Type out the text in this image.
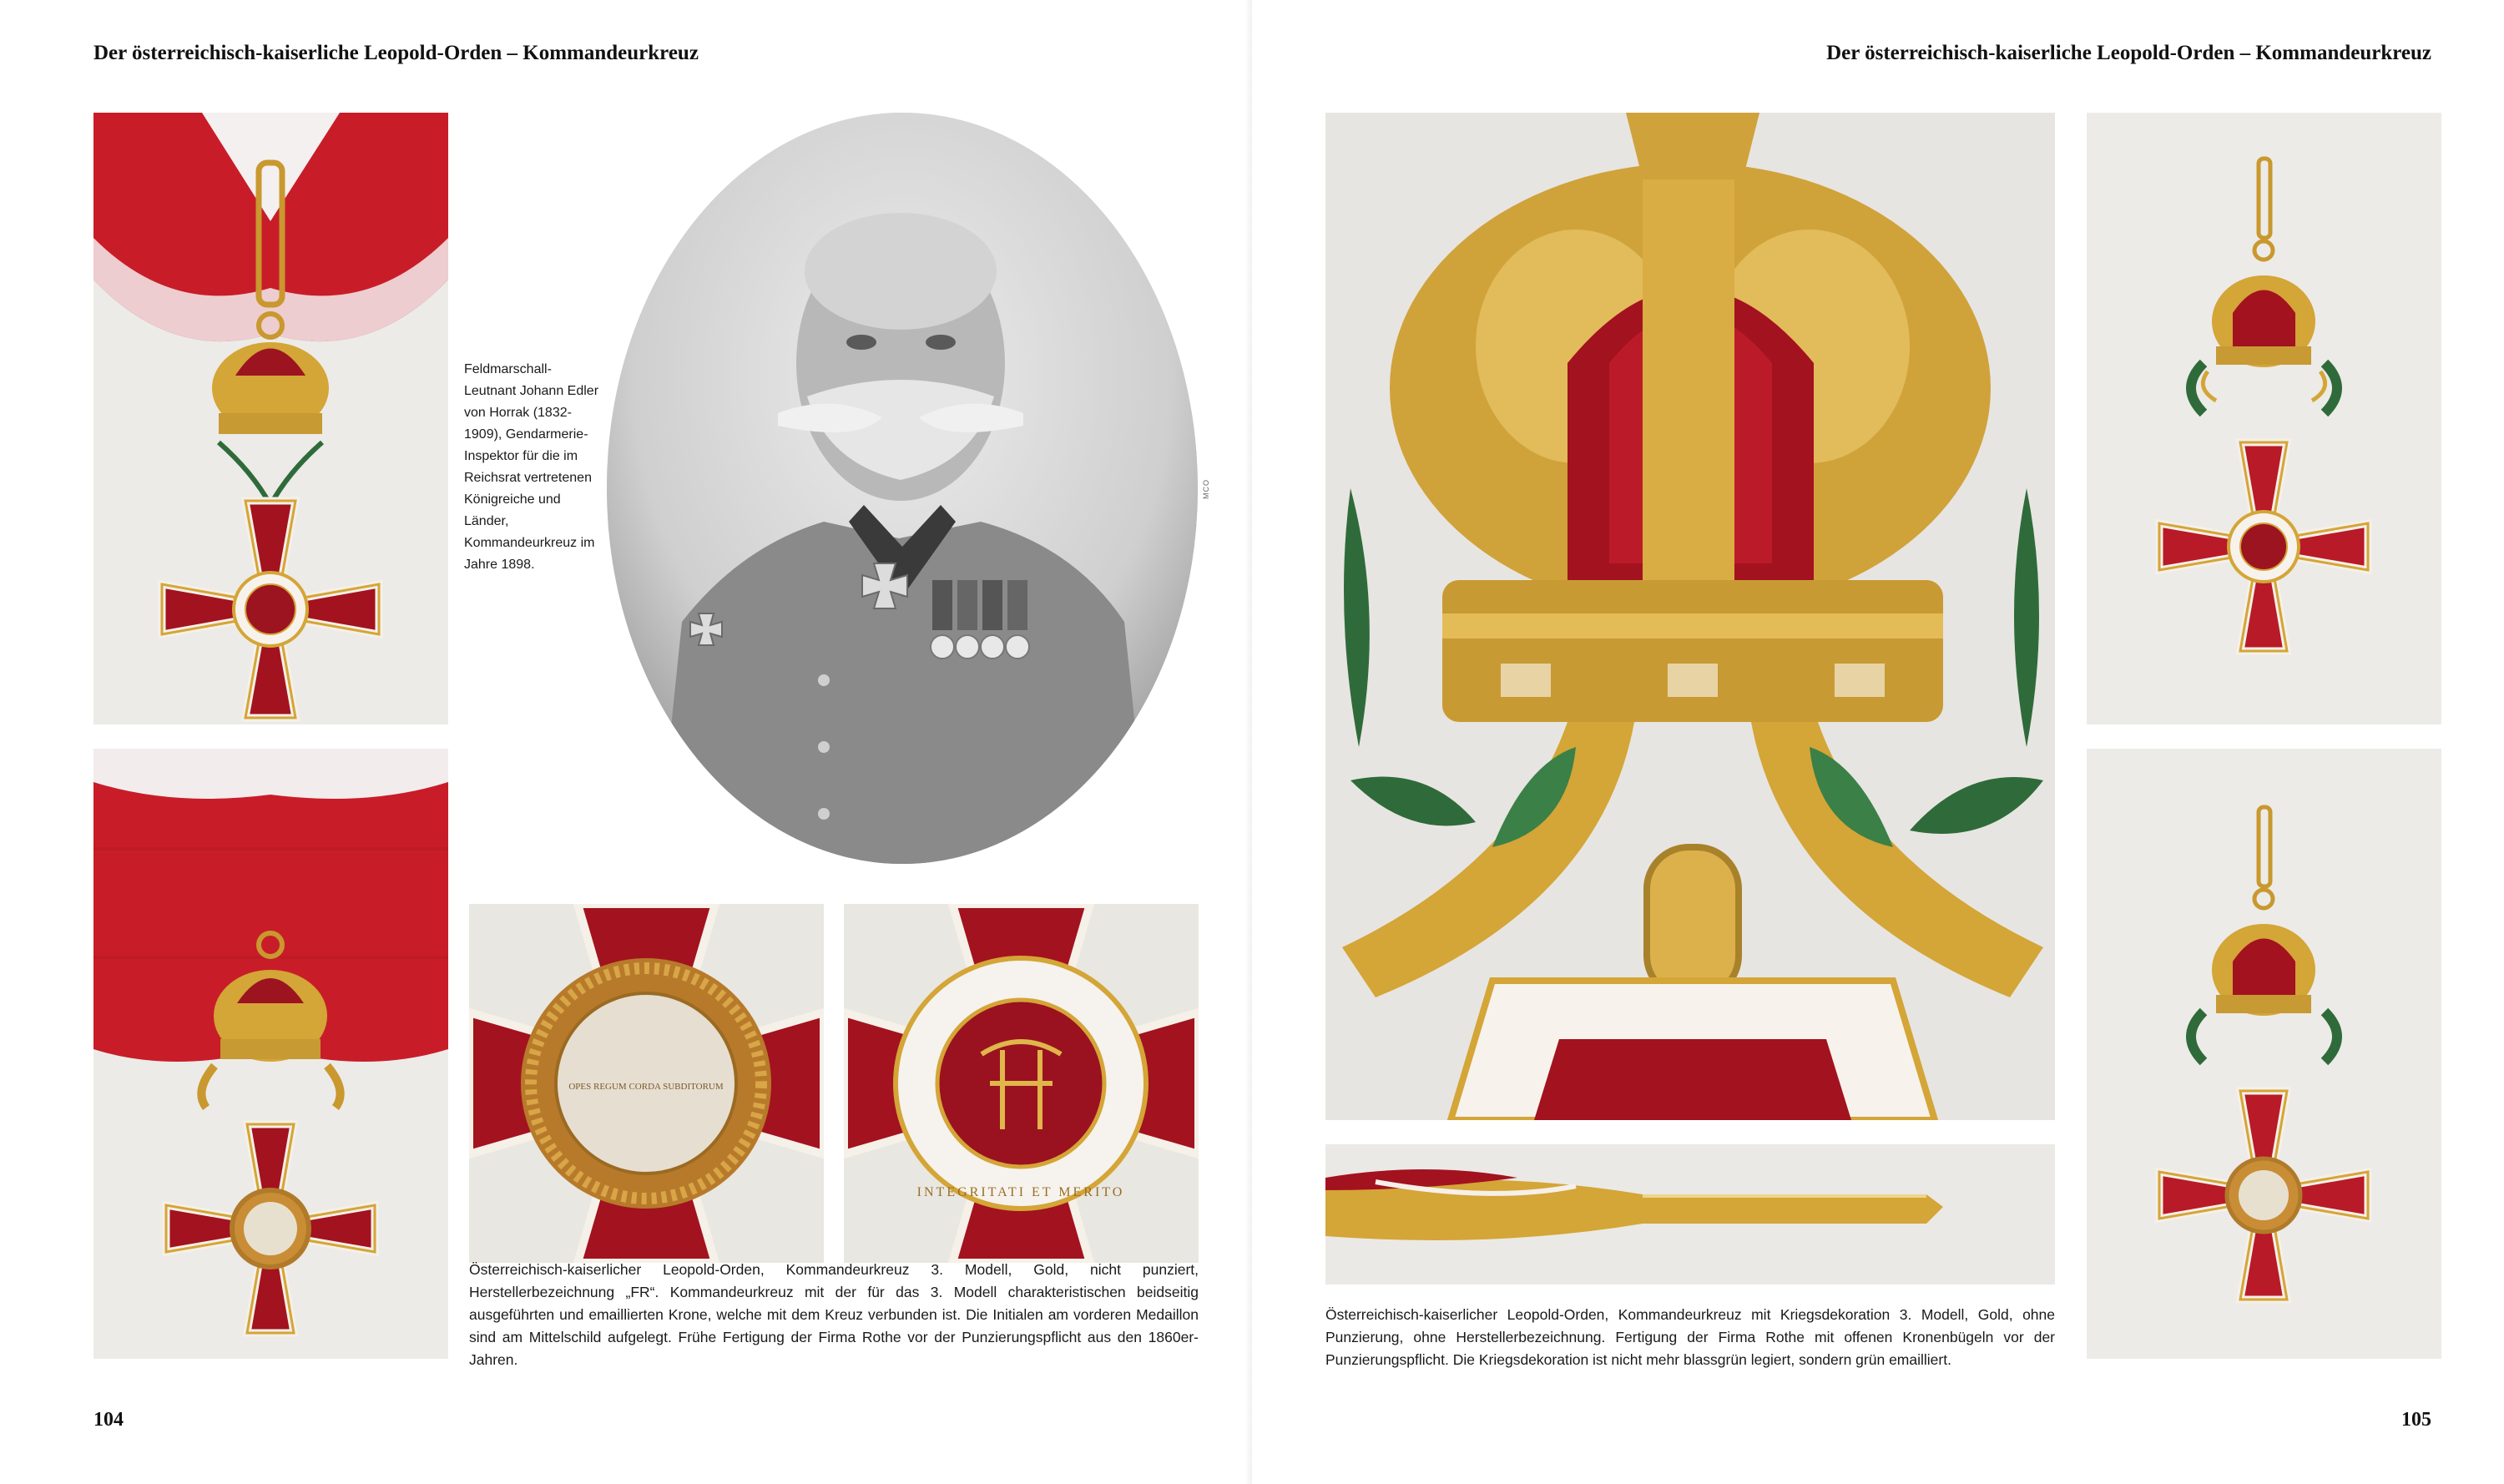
Der österreichisch-kaiserliche Leopold-Orden – Kommandeurkreuz
Feldmarschall-Leutnant Johann Edler von Horrak (1832-1909), Gendarmerie-Inspektor für die im Reichsrat vertretenen Königreiche und Länder, Kommandeurkreuz im Jahre 1898.
MCO
OPES REGUM CORDA SUBDITORUM
INTEGRITATI ET MERITO
Österreichisch-kaiserlicher Leopold-Orden, Kommandeurkreuz 3. Modell, Gold, nicht punziert, Herstellerbezeichnung „FR“. Kommandeurkreuz mit der für das 3. Modell charakteristischen beidseitig ausgeführten und emaillierten Krone, welche mit dem Kreuz verbunden ist. Die Initialen am vorderen Medaillon sind am Mittelschild aufgelegt. Frühe Fertigung der Firma Rothe vor der Punzierungspflicht aus den 1860er-Jahren.
104
Der österreichisch-kaiserliche Leopold-Orden – Kommandeurkreuz
Österreichisch-kaiserlicher Leopold-Orden, Kommandeurkreuz mit Kriegsdekoration 3. Modell, Gold, ohne Punzierung, ohne Herstellerbezeichnung. Fertigung der Firma Rothe mit offenen Kronenbügeln vor der Punzierungspflicht. Die Kriegsdekoration ist nicht mehr blassgrün legiert, sondern grün emailliert.
105
